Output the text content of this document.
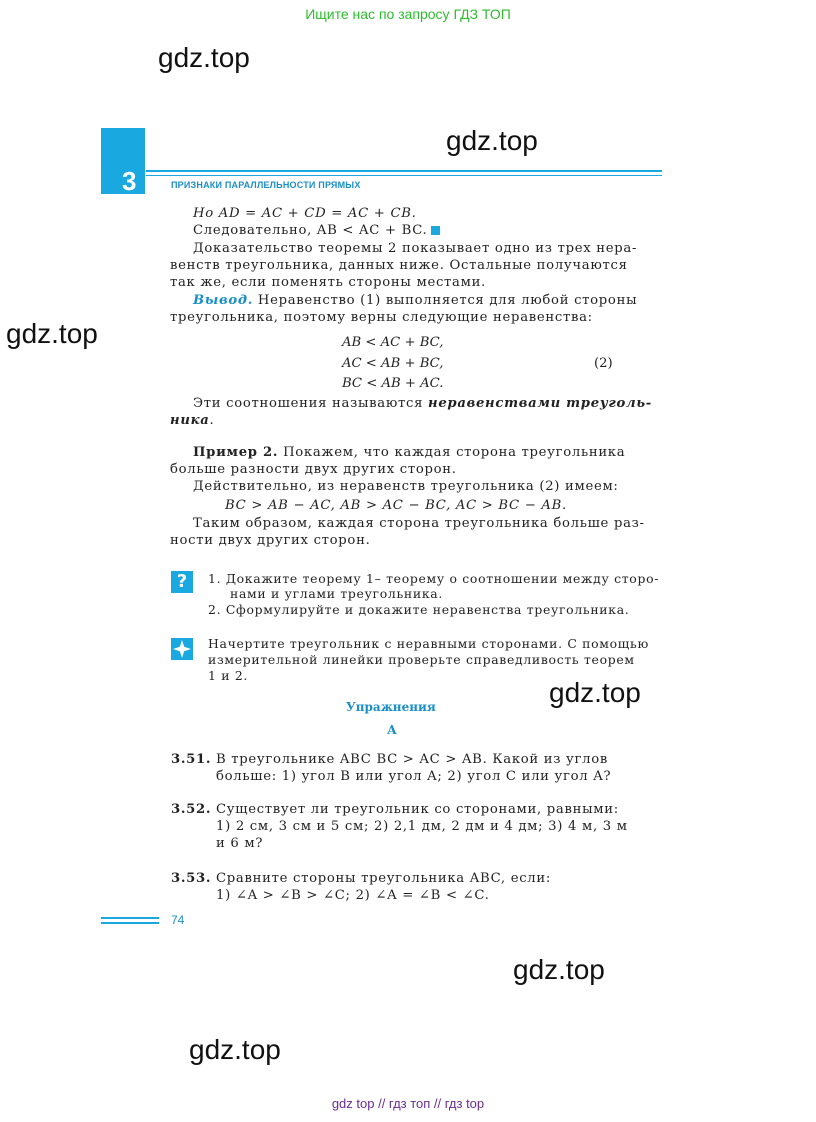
Ищите нас по запросу ГДЗ ТОП
gdz.top
gdz.top
gdz.top
gdz.top
gdz.top
gdz.top
3	ПРИЗНАКИ ПАРАЛЛЕЛЬНОСТИ ПРЯМЫХ
Но AD = AC + CD = AC + CB.
Следовательно, AB < AC + BC.
Доказательство теоремы 2 показывает одно из трех нера-
венств треугольника, данных ниже. Остальные получаются
так же, если поменять стороны местами.
Вывод. Неравенство (1) выполняется для любой стороны
треугольника, поэтому верны следующие неравенства:
AB < AC + BC,
AC < AB + BC,	(2)
BC < AB + AC.
Эти соотношения называются неравенствами треуголь-
ника.
Пример 2. Покажем, что каждая сторона треугольника
больше разности двух других сторон.
Действительно, из неравенств треугольника (2) имеем:
BC > AB − AC, AB > AC − BC, AC > BC − AB.
Таким образом, каждая сторона треугольника больше раз-
ности двух других сторон.
?	1. Докажите теорему 1– теорему о соотношении между сторо-
нами и углами треугольника.
2. Сформулируйте и докажите неравенства треугольника.
Начертите треугольник с неравными сторонами. С помощью
измерительной линейки проверьте справедливость теорем
1 и 2.
Упражнения
А
3.51. В треугольнике ABC BC > AC > AB. Какой из углов
больше: 1) угол B или угол A; 2) угол C или угол A?
3.52. Существует ли треугольник со сторонами, равными:
1) 2 см, 3 см и 5 см; 2) 2,1 дм, 2 дм и 4 дм; 3) 4 м, 3 м
и 6 м?
3.53. Сравните стороны треугольника ABC, если:
1) ∠A > ∠B > ∠C; 2) ∠A = ∠B < ∠C.
74
gdz top // гдз топ // гдз top
